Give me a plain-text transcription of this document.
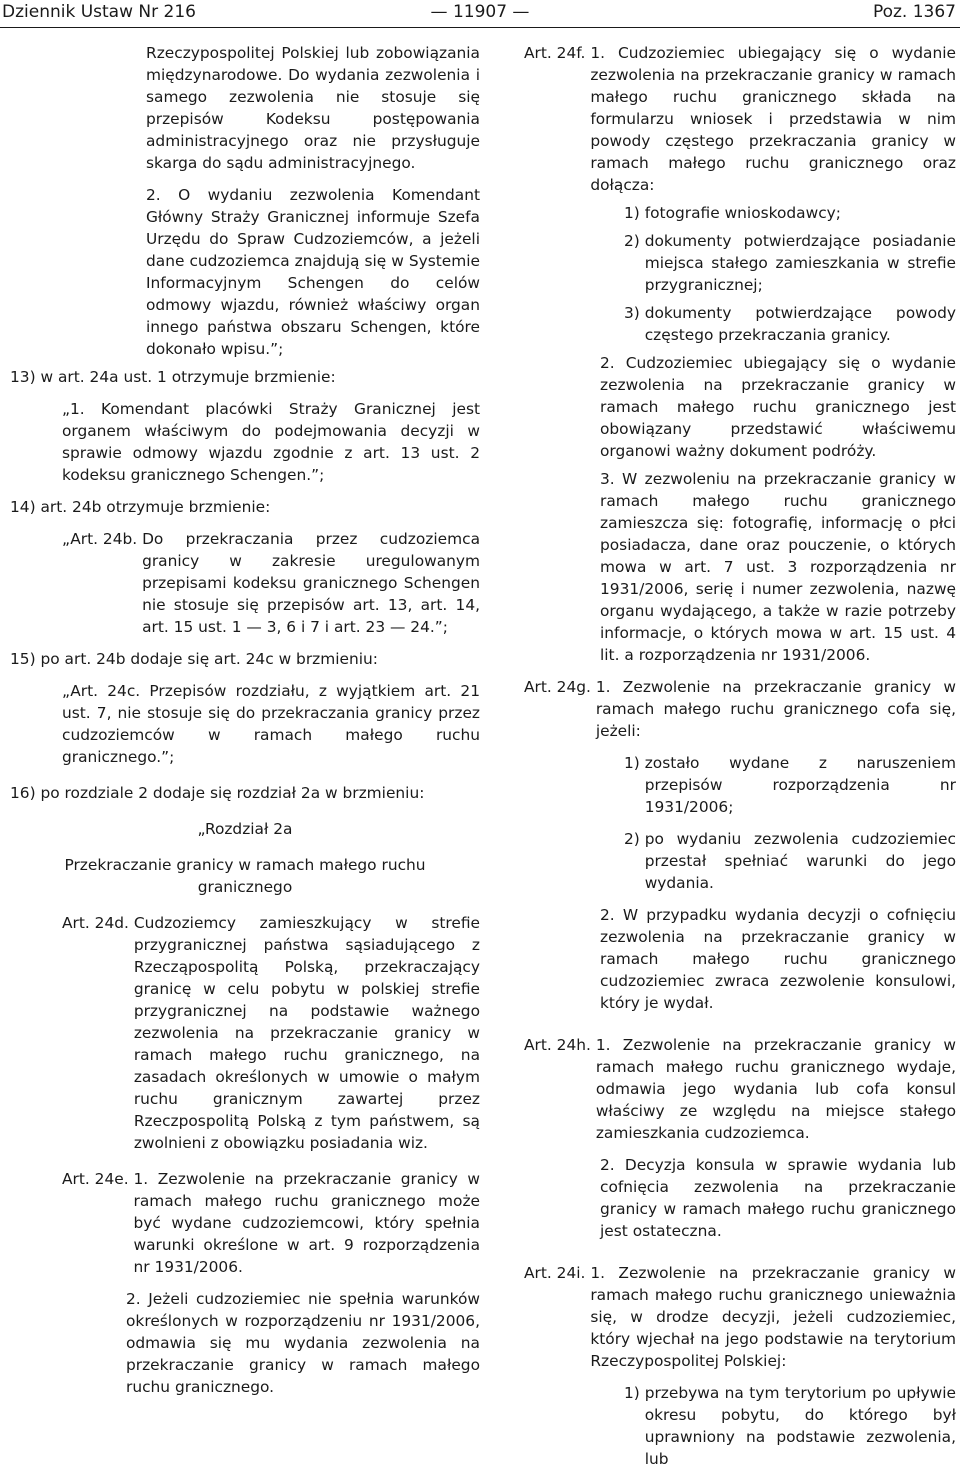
Dziennik Ustaw Nr 216	— 11907 —	Poz. 1367

Rzeczypospolitej Polskiej lub zobowiązania międzynarodowe. Do wydania zezwolenia i samego zezwolenia nie stosuje się przepisów Kodeksu postępowania administracyjnego oraz nie przysługuje skarga do sądu administracyjnego.

2. O wydaniu zezwolenia Komendant Główny Straży Granicznej informuje Szefa Urzędu do Spraw Cudzoziemców, a jeżeli dane cudzoziemca znajdują się w Systemie Informacyjnym Schengen do celów odmowy wjazdu, również właściwy organ innego państwa obszaru Schengen, które dokonało wpisu.”;

13) w art. 24a ust. 1 otrzymuje brzmienie:

„1. Komendant placówki Straży Granicznej jest organem właściwym do podejmowania decyzji w sprawie odmowy wjazdu zgodnie z art. 13 ust. 2 kodeksu granicznego Schengen.”;

14) art. 24b otrzymuje brzmienie:

„Art. 24b. Do przekraczania przez cudzoziemca granicy w zakresie uregulowanym przepisami kodeksu granicznego Schengen nie stosuje się przepisów art. 13, art. 14, art. 15 ust. 1 — 3, 6 i 7 i art. 23 — 24.”;

15) po art. 24b dodaje się art. 24c w brzmieniu:

„Art. 24c. Przepisów rozdziału, z wyjątkiem art. 21 ust. 7, nie stosuje się do przekraczania granicy przez cudzoziemców w ramach małego ruchu granicznego.”;

16) po rozdziale 2 dodaje się rozdział 2a w brzmieniu:

„Rozdział 2a

Przekraczanie granicy w ramach małego ruchu granicznego

Art. 24d. Cudzoziemcy zamieszkujący w strefie przygranicznej państwa sąsiadującego z Rzecząpospolitą Polską, przekraczający granicę w celu pobytu w polskiej strefie przygranicznej na podstawie ważnego zezwolenia na przekraczanie granicy w ramach małego ruchu granicznego, na zasadach określonych w umowie o małym ruchu granicznym zawartej przez Rzeczpospolitą Polską z tym państwem, są zwolnieni z obowiązku posiadania wiz.
Art. 24e. 1. Zezwolenie na przekraczanie granicy w ramach małego ruchu granicznego może być wydane cudzoziemcowi, który spełnia warunki określone w art. 9 rozporządzenia nr 1931/2006.

2. Jeżeli cudzoziemiec nie spełnia warunków określonych w rozporządzeniu nr 1931/2006, odmawia się mu wydania zezwolenia na przekraczanie granicy w ramach małego ruchu granicznego.

Art. 24f. 1. Cudzoziemiec ubiegający się o wydanie zezwolenia na przekraczanie granicy w ramach małego ruchu granicznego składa na formularzu wniosek i przedstawia w nim powody częstego przekraczania granicy w ramach małego ruchu granicznego oraz dołącza:
1) fotografie wnioskodawcy;
2) dokumenty potwierdzające posiadanie miejsca stałego zamieszkania w strefie przygranicznej;
3) dokumenty potwierdzające powody częstego przekraczania granicy.

2. Cudzoziemiec ubiegający się o wydanie zezwolenia na przekraczanie granicy w ramach małego ruchu granicznego jest obowiązany przedstawić właściwemu organowi ważny dokument podróży.

3. W zezwoleniu na przekraczanie granicy w ramach małego ruchu granicznego zamieszcza się: fotografię, informację o płci posiadacza, dane oraz pouczenie, o których mowa w art. 7 ust. 3 rozporządzenia nr 1931/2006, serię i numer zezwolenia, nazwę organu wydającego, a także w razie potrzeby informacje, o których mowa w art. 15 ust. 4 lit. a rozporządzenia nr 1931/2006.

Art. 24g. 1. Zezwolenie na przekraczanie granicy w ramach małego ruchu granicznego cofa się, jeżeli:
1) zostało wydane z naruszeniem przepisów rozporządzenia nr 1931/2006;
2) po wydaniu zezwolenia cudzoziemiec przestał spełniać warunki do jego wydania.

2. W przypadku wydania decyzji o cofnięciu zezwolenia na przekraczanie granicy w ramach małego ruchu granicznego cudzoziemiec zwraca zezwolenie konsulowi, który je wydał.

Art. 24h. 1. Zezwolenie na przekraczanie granicy w ramach małego ruchu granicznego wydaje, odmawia jego wydania lub cofa konsul właściwy ze względu na miejsce stałego zamieszkania cudzoziemca.

2. Decyzja konsula w sprawie wydania lub cofnięcia zezwolenia na przekraczanie granicy w ramach małego ruchu granicznego jest ostateczna.

Art. 24i. 1. Zezwolenie na przekraczanie granicy w ramach małego ruchu granicznego unieważnia się, w drodze decyzji, jeżeli cudzoziemiec, który wjechał na jego podstawie na terytorium Rzeczypospolitej Polskiej:
1) przebywa na tym terytorium po upływie okresu pobytu, do którego był uprawniony na podstawie zezwolenia, lub
